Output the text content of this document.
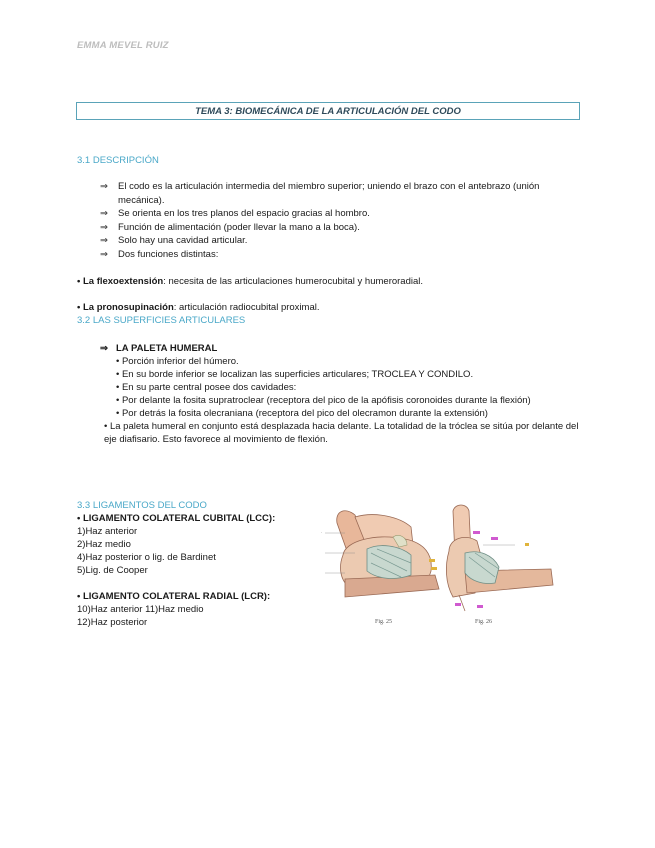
EMMA MEVEL RUIZ
TEMA 3: BIOMECÁNICA DE LA ARTICULACIÓN DEL CODO
3.1 DESCRIPCIÓN
⇒ El codo es la articulación intermedia del miembro superior; uniendo el brazo con el antebrazo (unión mecánica).
⇒ Se orienta en los tres planos del espacio gracias al hombro.
⇒ Función de alimentación (poder llevar la mano a la boca).
⇒ Solo hay una cavidad articular.
⇒ Dos funciones distintas:
• La flexoextensión: necesita de las articulaciones humerocubital y humeroradial.
• La pronosupinación: articulación radiocubital proximal.
3.2 LAS SUPERFICIES ARTICULARES
⇒ LA PALETA HUMERAL
• Porción inferior del húmero.
• En su borde inferior se localizan las superficies articulares; TROCLEA Y CONDILO.
• En su parte central posee dos cavidades:
• Por delante la fosita supratroclear (receptora del pico de la apófisis coronoides durante la flexión)
• Por detrás la fosita olecraniana (receptora del pico del olecramon durante la extensión)
• La paleta humeral en conjunto está desplazada hacia delante. La totalidad de la tróclea se sitúa por delante del eje diafisario. Esto favorece al movimiento de flexión.
3.3 LIGAMENTOS DEL CODO
• LIGAMENTO COLATERAL CUBITAL (LCC):
1)Haz anterior
2)Haz medio
4)Haz posterior o lig. de Bardinet
5)Lig. de Cooper
• LIGAMENTO COLATERAL RADIAL (LCR):
10)Haz anterior 11)Haz medio
12)Haz posterior
·
Fig. 25	Fig. 26
